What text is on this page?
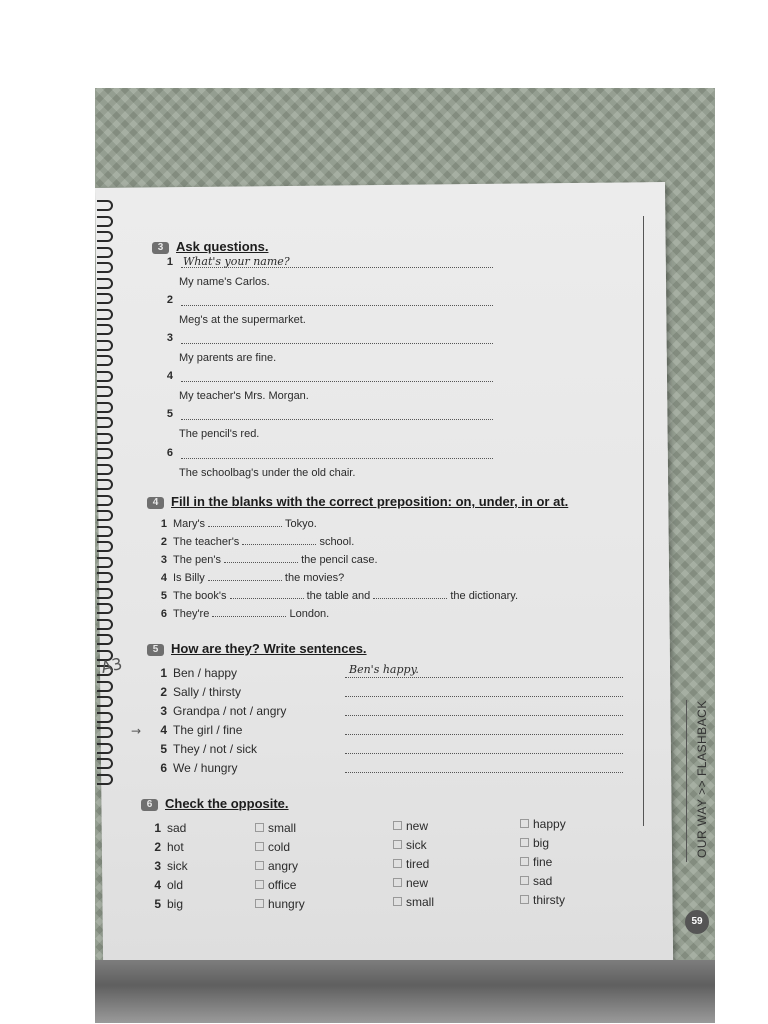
OUR WAY >> FLASHBACK
59
3 Ask questions.
4 Fill in the blanks with the correct preposition: on, under, in or at.
5 How are they? Write sentences.
6 Check the opposite.
A3
→
1 What's your name?
My name's Carlos.
2
Meg's at the supermarket.
3
My parents are fine.
4
My teacher's Mrs. Morgan.
5
The pencil's red.
6
The schoolbag's under the old chair.
1 Mary's	Tokyo.
2 The teacher's	school.
3 The pen's	the pencil case.
4 Is Billy	the movies?
5 The book's	the table and	the dictionary.
6 They're	London.
1 Ben / happy	Ben's happy.
2 Sally / thirsty
3 Grandpa / not / angry
4 The girl / fine
5 They / not / sick
6 We / hungry
1 sad	small	new	happy
2 hot	cold	sick	big
3 sick	angry	tired	fine
4 old	office	new	sad
5 big	hungry	small	thirsty
